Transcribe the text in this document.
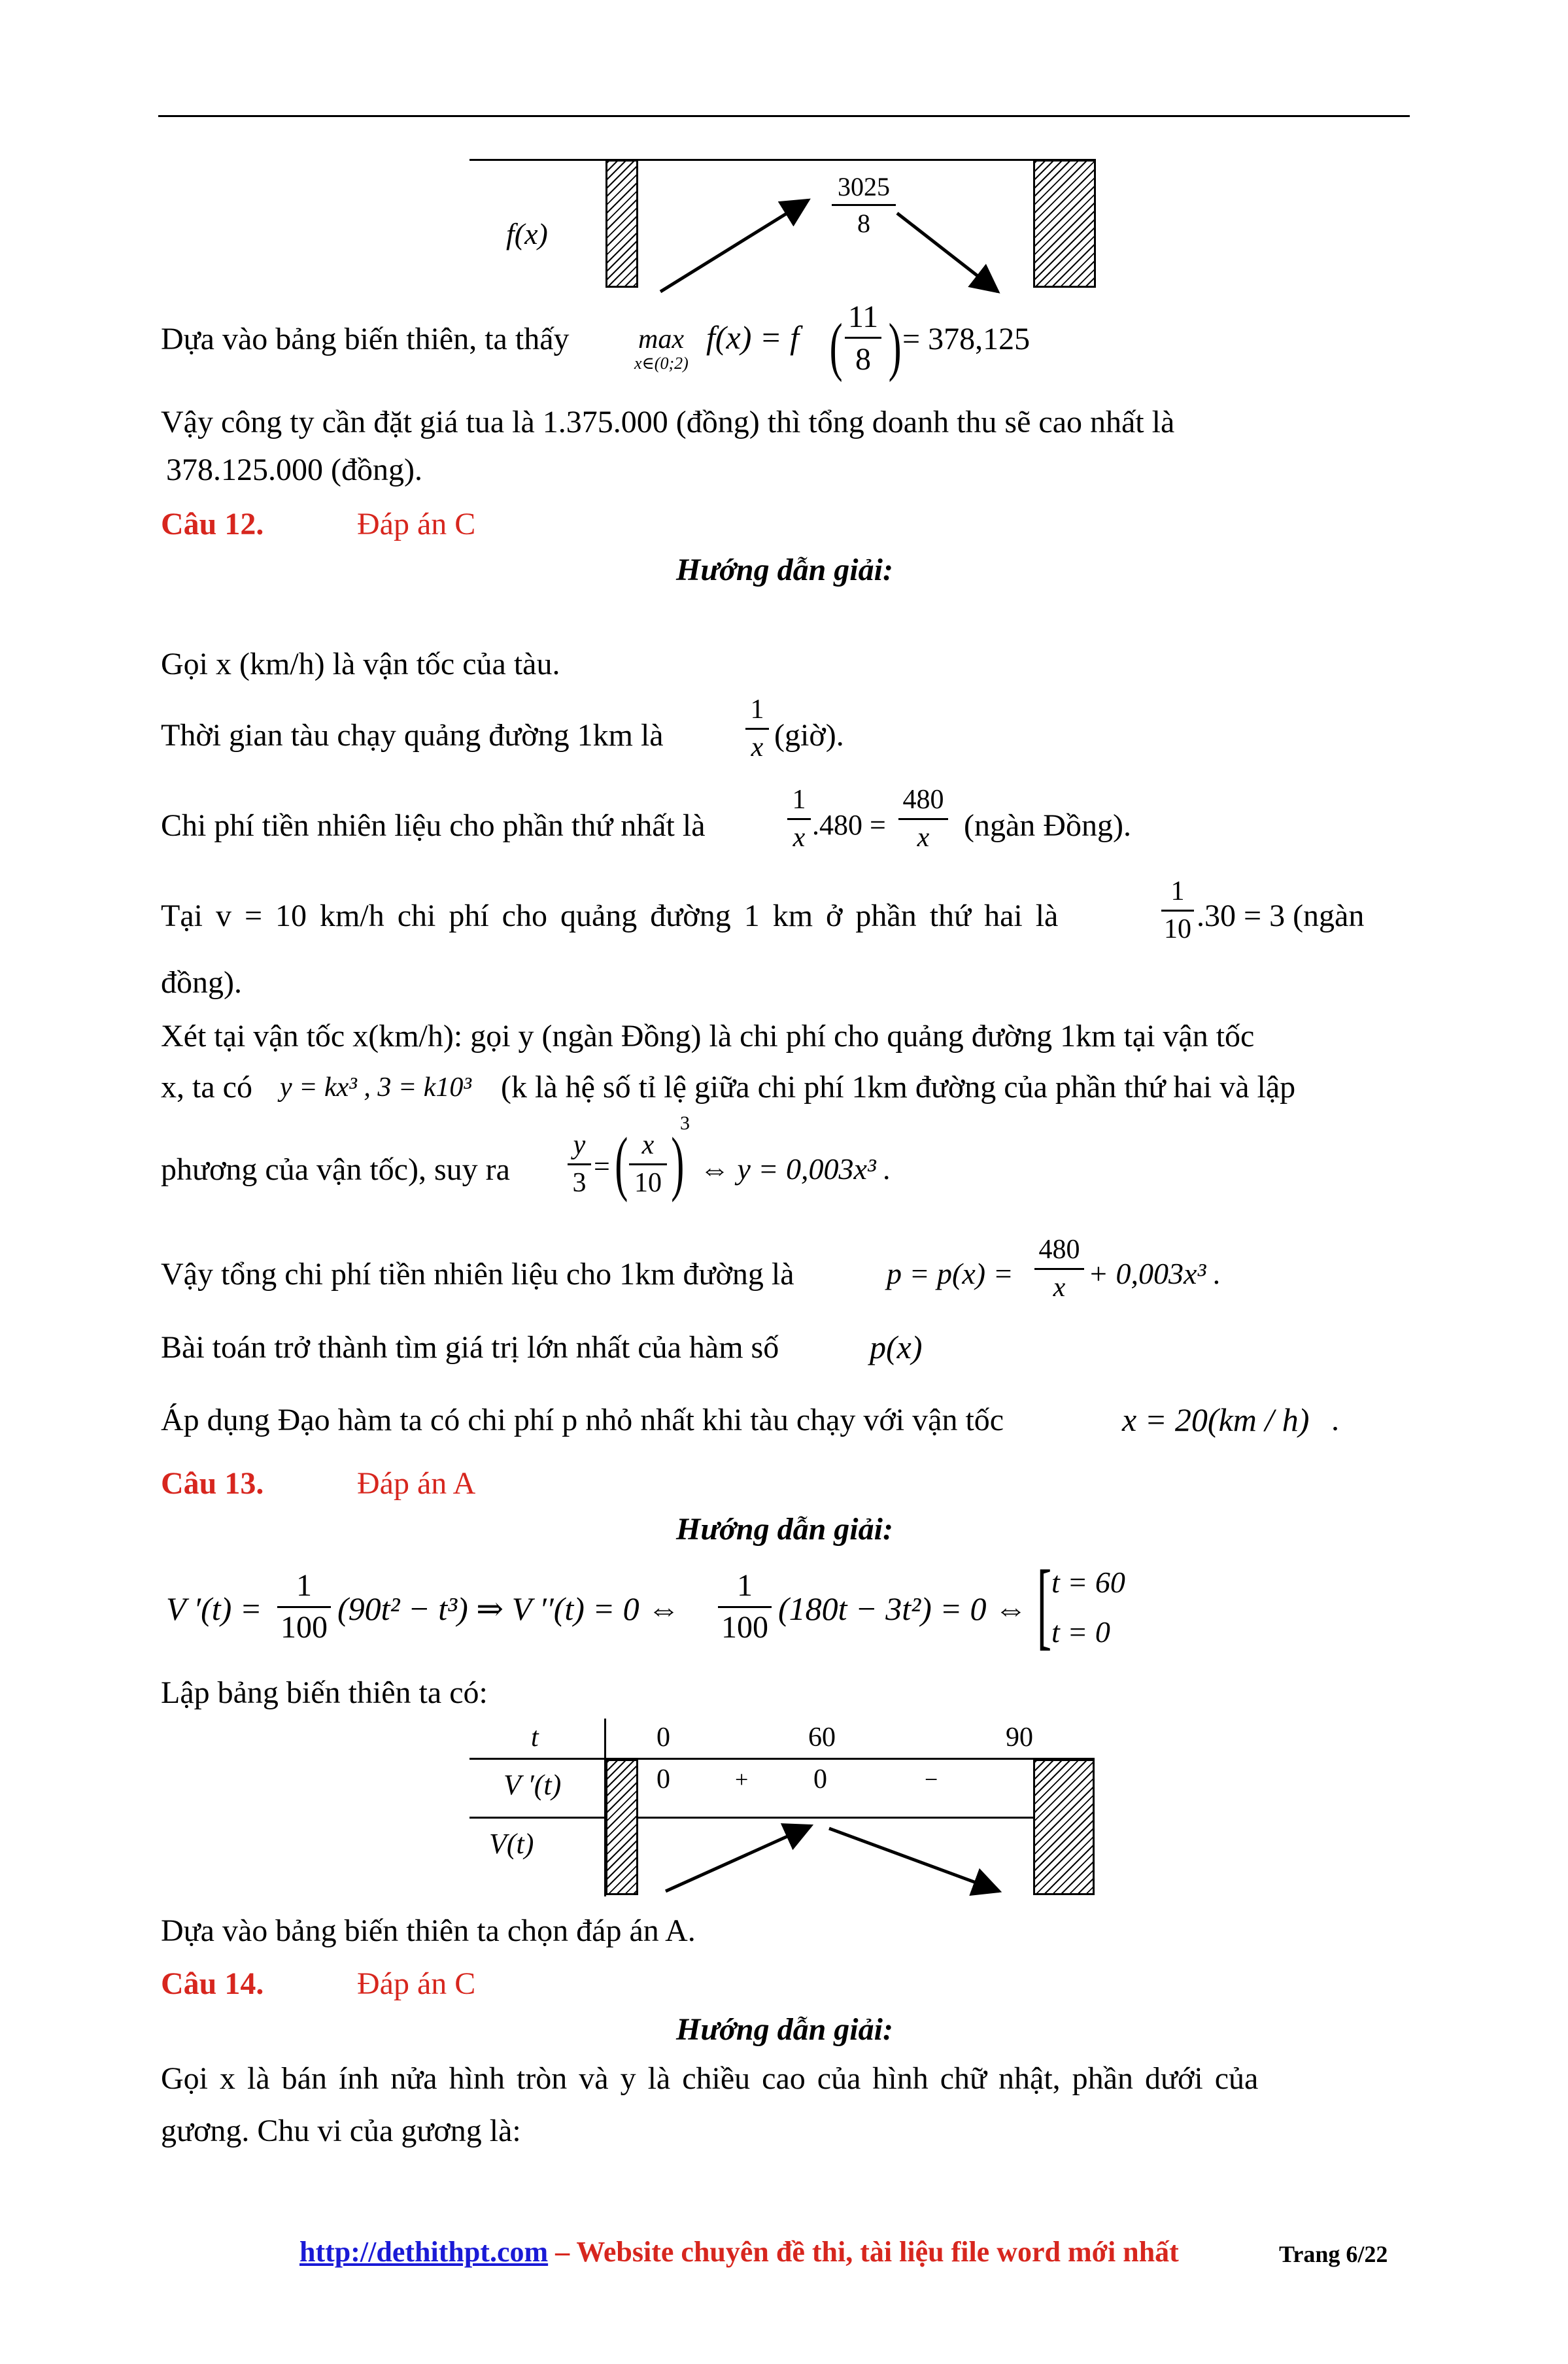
f(x)
3025
8
Dựa vào bảng biến thiên, ta thấy	max
x∈(0;2)
f(x) = f ( 11
8 ) = 378,125
Vậy công ty cần đặt giá tua là 1.375.000 (đồng) thì tổng doanh thu sẽ cao nhất là
378.125.000 (đồng).
Câu 12.	Đáp án C
Hướng dẫn giải:
Gọi x (km/h) là vận tốc của tàu.
Thời gian tàu chạy quảng đường 1km là
1
x (giờ).
Chi phí tiền nhiên liệu cho phần thứ nhất là
1
x .480 =
480
x	(ngàn Đồng).
Tại v = 10 km/h chi phí cho quảng đường 1 km ở phần thứ hai là
1
10 .30 = 3 (ngàn
đồng).
Xét tại vận tốc x(km/h): gọi y (ngàn Đồng) là chi phí cho quảng đường 1km tại vận tốc
x, ta có y = kx³ , 3 = k10³ (k là hệ số tỉ lệ giữa chi phí 1km đường của phần thứ hai và lập
phương của vận tốc), suy ra
y
3
= ( x
10 )
3
⇔ y = 0,003x³ .
Vậy tổng chi phí tiền nhiên liệu cho 1km đường là	p = p(x) =
480
x + 0,003x³ .
Bài toán trở thành tìm giá trị lớn nhất của hàm số	p(x)
Áp dụng Đạo hàm ta có chi phí p nhỏ nhất khi tàu chạy với vận tốc	x = 20(km / h) .
Câu 13.	Đáp án A
Hướng dẫn giải:
V ′(t) =
1
100
(90t² − t³) ⇒ V ′′(t) = 0 ⇔
1
100
(180t − 3t²) = 0 ⇔ [ t = 60
t = 0
Lập bảng biến thiên ta có:
t	0	60	90
V ′(t)	0	+ 0	−
V(t)
Dựa vào bảng biến thiên ta chọn đáp án A.
Câu 14.	Đáp án C
Hướng dẫn giải:
Gọi x là bán ính nửa hình tròn và y là chiều cao của hình chữ nhật, phần dưới của
gương. Chu vi của gương là:
http://dethithpt.com – Website chuyên đề thi, tài liệu file word mới nhất	Trang 6/22
